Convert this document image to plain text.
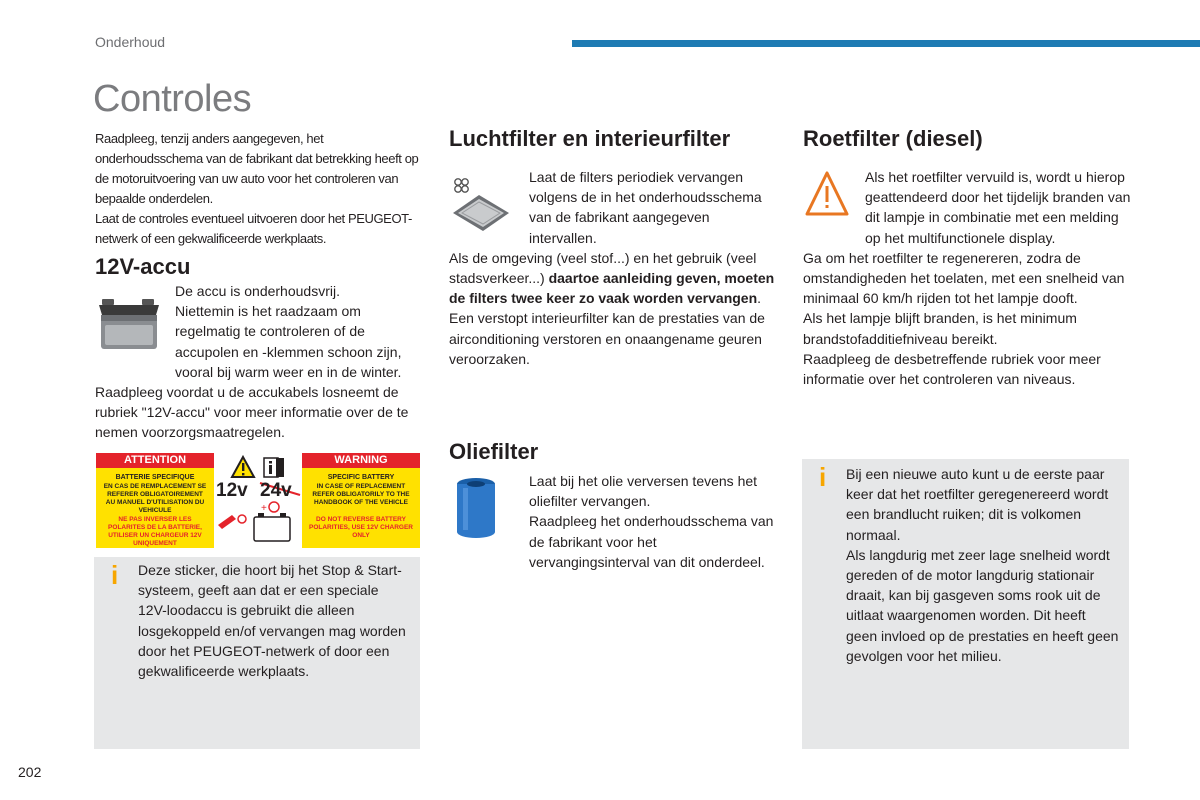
Onderhoud
Controles

Raadpleeg, tenzij anders aangegeven, het onderhoudsschema van de fabrikant dat betrekking heeft op de motoruitvoering van uw auto voor het controleren van bepaalde onderdelen.

Laat de controles eventueel uitvoeren door het PEUGEOT-netwerk of een gekwalificeerde werkplaats.

12V-accu

De accu is onderhoudsvrij.

Niettemin is het raadzaam om regelmatig te controleren of de accupolen en -klemmen schoon zijn, vooral bij warm weer en in de winter.

Raadpleeg voordat u de accukabels losneemt de rubriek "12V-accu" voor meer informatie over de te nemen voorzorgsmaatregelen.

ATTENTION	WARNING
BATTERIE SPECIFIQUE
EN CAS DE REMPLACEMENT SE REFERER OBLIGATOIREMENT AU MANUEL D'UTILISATION DU VEHICULE
SPECIFIC BATTERY
IN CASE OF REPLACEMENT REFER OBLIGATORILY TO THE HANDBOOK OF THE VEHICLE
NE PAS INVERSER LES POLARITES DE LA BATTERIE, UTILISER UN CHARGEUR 12V UNIQUEMENT
DO NOT REVERSE BATTERY POLARITIES, USE 12V CHARGER ONLY
+
12v 24v
i Deze sticker, die hoort bij het Stop & Start-systeem, geeft aan dat er een speciale 12V-loodaccu is gebruikt die alleen losgekoppeld en/of vervangen mag worden door het PEUGEOT-netwerk of door een gekwalificeerde werkplaats.
Luchtfilter en interieurfilter

Laat de filters periodiek vervangen volgens de in het onderhoudsschema van de fabrikant aangegeven intervallen.

Als de omgeving (veel stof...) en het gebruik (veel stadsverkeer...) daartoe aanleiding geven, moeten de filters twee keer zo vaak worden vervangen.

Een verstopt interieurfilter kan de prestaties van de airconditioning verstoren en onaangename geuren veroorzaken.

Oliefilter

Laat bij het olie verversen tevens het oliefilter vervangen.

Raadpleeg het onderhoudsschema van de fabrikant voor het vervangingsinterval van dit onderdeel.

Roetfilter (diesel)

Als het roetfilter vervuild is, wordt u hierop geattendeerd door het tijdelijk branden van dit lampje in combinatie met een melding op het multifunctionele display.

Ga om het roetfilter te regenereren, zodra de omstandigheden het toelaten, met een snelheid van minimaal 60 km/h rijden tot het lampje dooft.

Als het lampje blijft branden, is het minimum brandstofadditiefniveau bereikt.

Raadpleeg de desbetreffende rubriek voor meer informatie over het controleren van niveaus.

i Bij een nieuwe auto kunt u de eerste paar keer dat het roetfilter geregenereerd wordt een brandlucht ruiken; dit is volkomen normaal.

Als langdurig met zeer lage snelheid wordt gereden of de motor langdurig stationair draait, kan bij gasgeven soms rook uit de uitlaat waargenomen worden. Dit heeft geen invloed op de prestaties en heeft geen gevolgen voor het milieu.

202
